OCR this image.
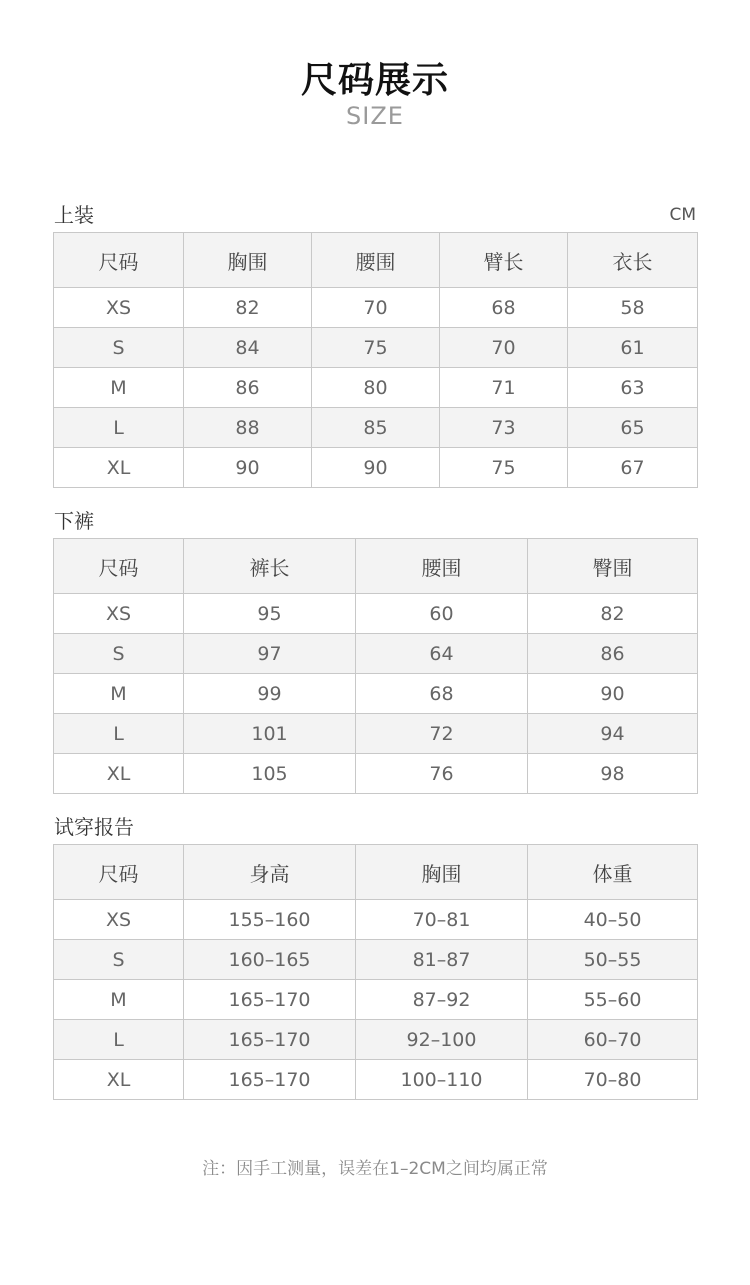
尺码展示
SIZE
上装	CM
尺码	胸围	腰围	臂长	衣长
XS	82	70	68	58
S	84	75	70	61
M	86	80	71	63
L	88	85	73	65
XL	90	90	75	67
下裤
尺码	裤长	腰围	臀围
XS	95	60	82
S	97	64	86
M	99	68	90
L	101	72	94
XL	105	76	98
试穿报告
尺码	身高	胸围	体重
XS	155–160	70–81	40–50
S	160–165	81–87	50–55
M	165–170	87–92	55–60
L	165–170	92–100	60–70
XL	165–170	100–110	70–80
注：因手工测量，误差在1–2CM之间均属正常
